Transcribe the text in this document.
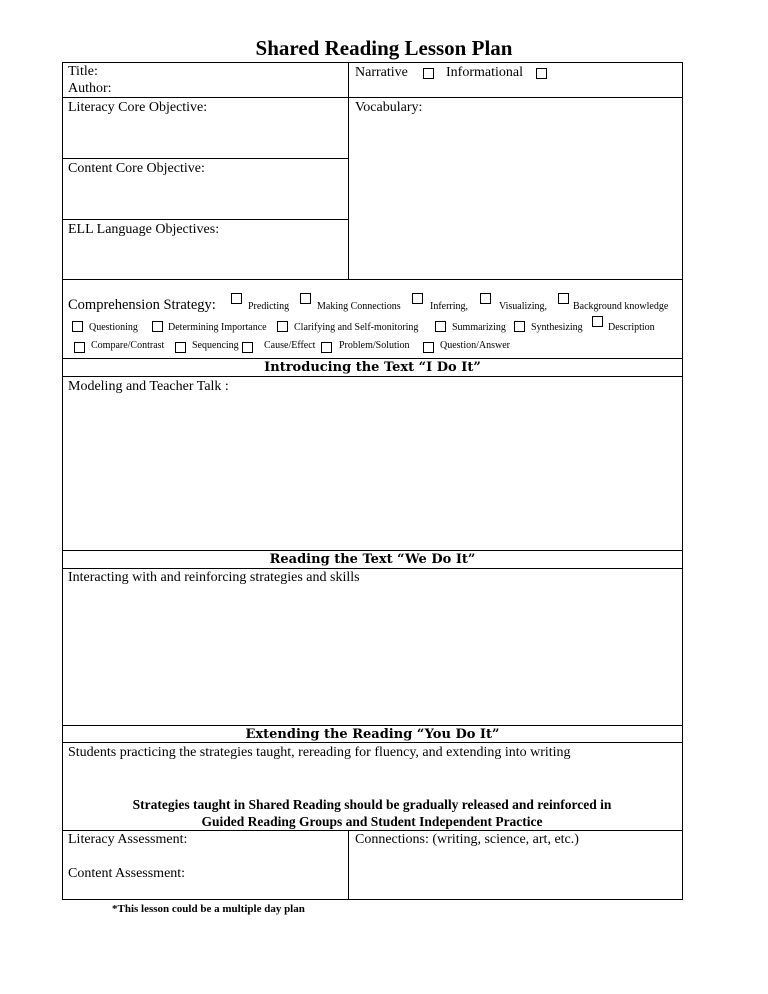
Shared Reading Lesson Plan
Title:
Author:
Narrative	Informational
Literacy Core Objective:
Content Core Objective:
ELL Language Objectives:
Vocabulary:
Comprehension Strategy:	Predicting	Making Connections	Inferring,	Visualizing,	Background knowledge
Questioning	Determining Importance	Clarifying and Self-monitoring	Summarizing	Synthesizing	Description
Compare/Contrast	Sequencing	Cause/Effect Problem/Solution	Question/Answer
Introducing the Text “I Do It”
Modeling and Teacher Talk :
Reading the Text “We Do It”
Interacting with and reinforcing strategies and skills
Extending the Reading “You Do It”
Students practicing the strategies taught, rereading for fluency, and extending into writing
Strategies taught in Shared Reading should be gradually released and reinforced in
Guided Reading Groups and Student Independent Practice
Literacy Assessment:
Content Assessment:
Connections: (writing, science, art, etc.)
*This lesson could be a multiple day plan
